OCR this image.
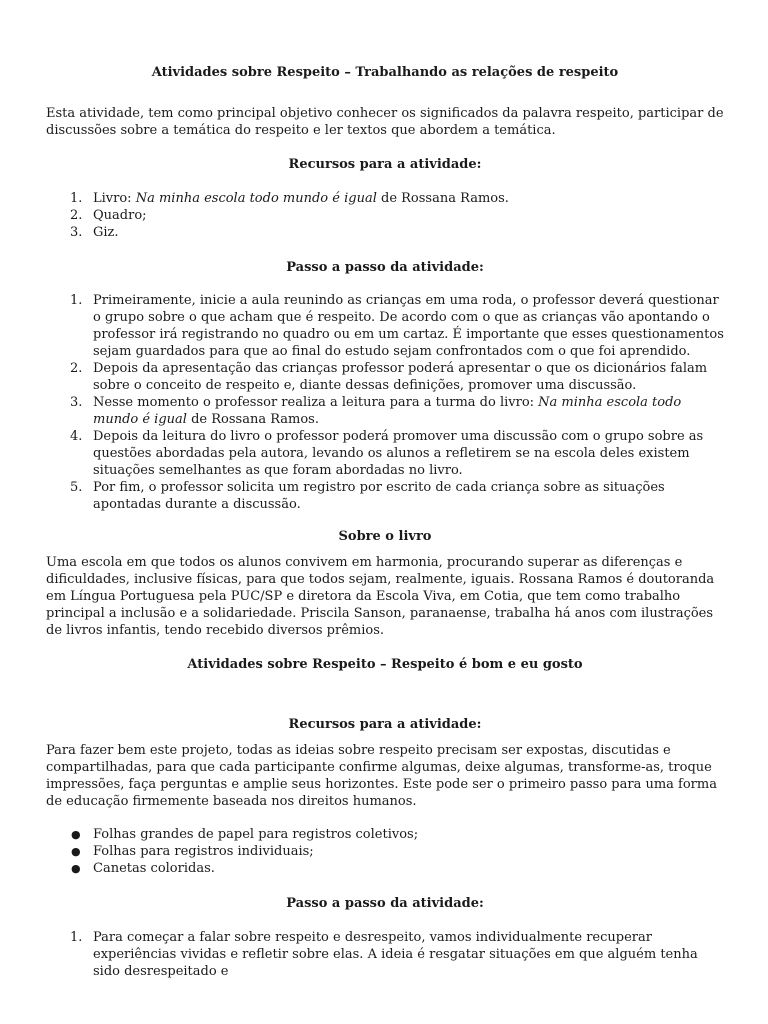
Atividades sobre Respeito – Trabalhando as relações de respeito

Esta atividade, tem como principal objetivo conhecer os significados da palavra respeito, participar de discussões sobre a temática do respeito e ler textos que abordem a temática.

Recursos para a atividade:
1. Livro: Na minha escola todo mundo é igual de Rossana Ramos.
2. Quadro;
3. Giz.
Passo a passo da atividade:
1. Primeiramente, inicie a aula reunindo as crianças em uma roda, o professor deverá questionar o grupo sobre o que acham que é respeito. De acordo com o que as crianças vão apontando o professor irá registrando no quadro ou em um cartaz. É importante que esses questionamentos sejam guardados para que ao final do estudo sejam confrontados com o que foi aprendido.
2. Depois da apresentação das crianças professor poderá apresentar o que os dicionários falam sobre o conceito de respeito e, diante dessas definições, promover uma discussão.
3. Nesse momento o professor realiza a leitura para a turma do livro: Na minha escola todo mundo é igual de Rossana Ramos.
4. Depois da leitura do livro o professor poderá promover uma discussão com o grupo sobre as questões abordadas pela autora, levando os alunos a refletirem se na escola deles existem situações semelhantes as que foram abordadas no livro.
5. Por fim, o professor solicita um registro por escrito de cada criança sobre as situações apontadas durante a discussão.
Sobre o livro

Uma escola em que todos os alunos convivem em harmonia, procurando superar as diferenças e dificuldades, inclusive físicas, para que todos sejam, realmente, iguais. Rossana Ramos é doutoranda em Língua Portuguesa pela PUC/SP e diretora da Escola Viva, em Cotia, que tem como trabalho principal a inclusão e a solidariedade. Priscila Sanson, paranaense, trabalha há anos com ilustrações de livros infantis, tendo recebido diversos prêmios.

Atividades sobre Respeito – Respeito é bom e eu gosto
Recursos para a atividade:

Para fazer bem este projeto, todas as ideias sobre respeito precisam ser expostas, discutidas e compartilhadas, para que cada participante confirme algumas, deixe algumas, transforme-as, troque impressões, faça perguntas e amplie seus horizontes. Este pode ser o primeiro passo para uma forma de educação firmemente baseada nos direitos humanos.

● Folhas grandes de papel para registros coletivos;
● Folhas para registros individuais;
● Canetas coloridas.
Passo a passo da atividade:
1. Para começar a falar sobre respeito e desrespeito, vamos individualmente recuperar experiências vividas e refletir sobre elas. A ideia é resgatar situações em que alguém tenha sido desrespeitado e
